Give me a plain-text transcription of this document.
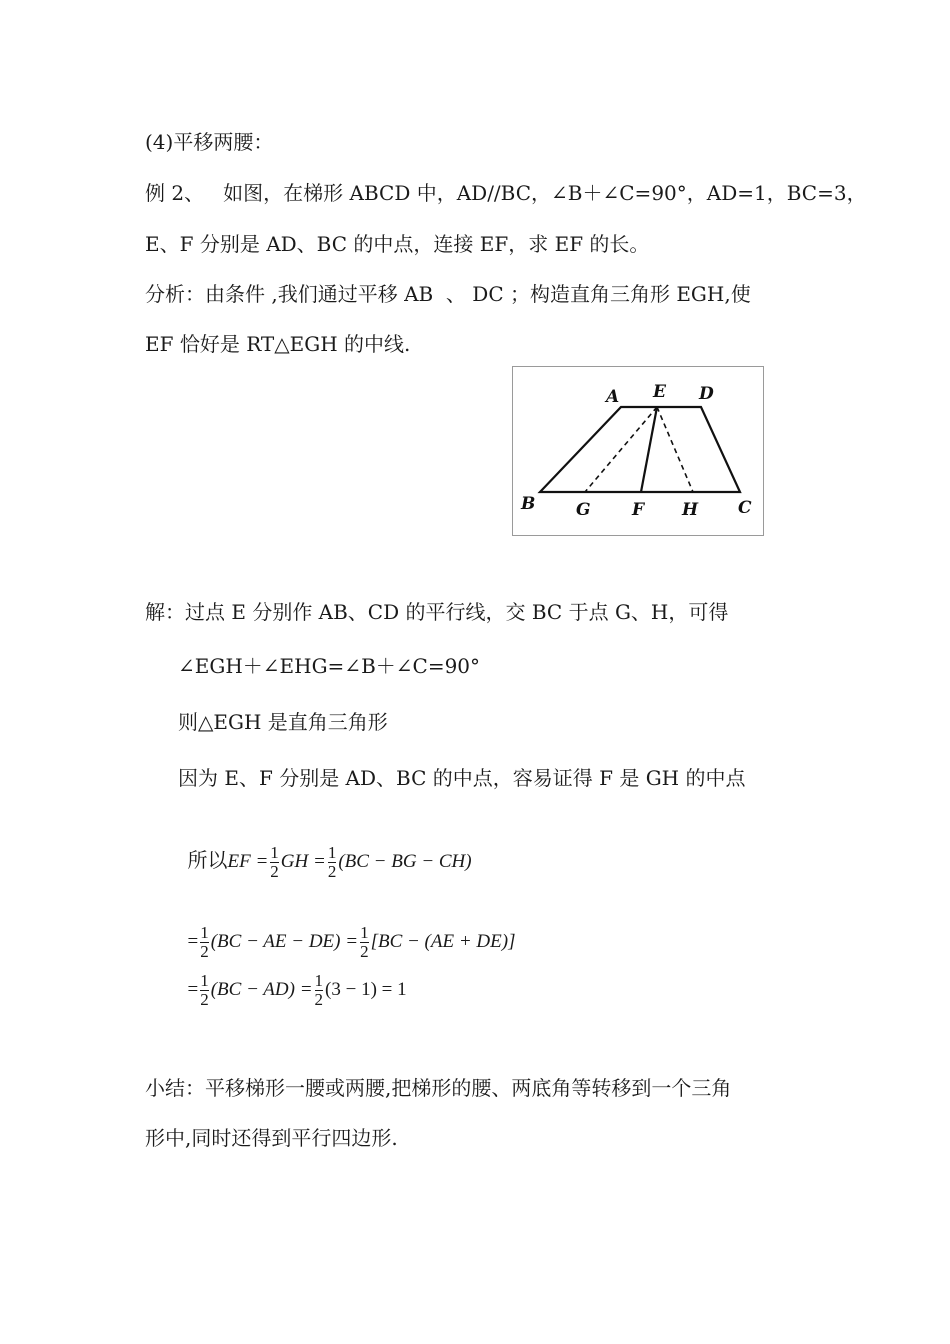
(4)平移两腰：
例 2、   如图，在梯形 ABCD 中，AD//BC，∠B＋∠C=90°，AD=1，BC=3，
E、F 分别是 AD、BC 的中点，连接 EF，求 EF 的长。
分析：由条件 ,我们通过平移 AB  、 DC ；构造直角三角形 EGH,使
EF 恰好是 RT△EGH 的中线.
A E D
B G F H C
解：过点 E 分别作 AB、CD 的平行线，交 BC 于点 G、H，可得
∠EGH＋∠EHG=∠B＋∠C=90°
则△EGH 是直角三角形
因为 E、F 分别是 AD、BC 的中点，容易证得 F 是 GH 的中点

所以EF = $\frac{1}{2}$ GH = $\frac{1}{2} (BC$ − BG − CH)

= $\frac{1}{2} (BC$ − AE − $DE) = \frac{1}{2} [BC - (AE + DE)]$

= $\frac{1}{2} (BC - AD) = \frac{1}{2} (3 - 1) = 1$

小结：平移梯形一腰或两腰,把梯形的腰、两底角等转移到一个三角
形中,同时还得到平行四边形.
